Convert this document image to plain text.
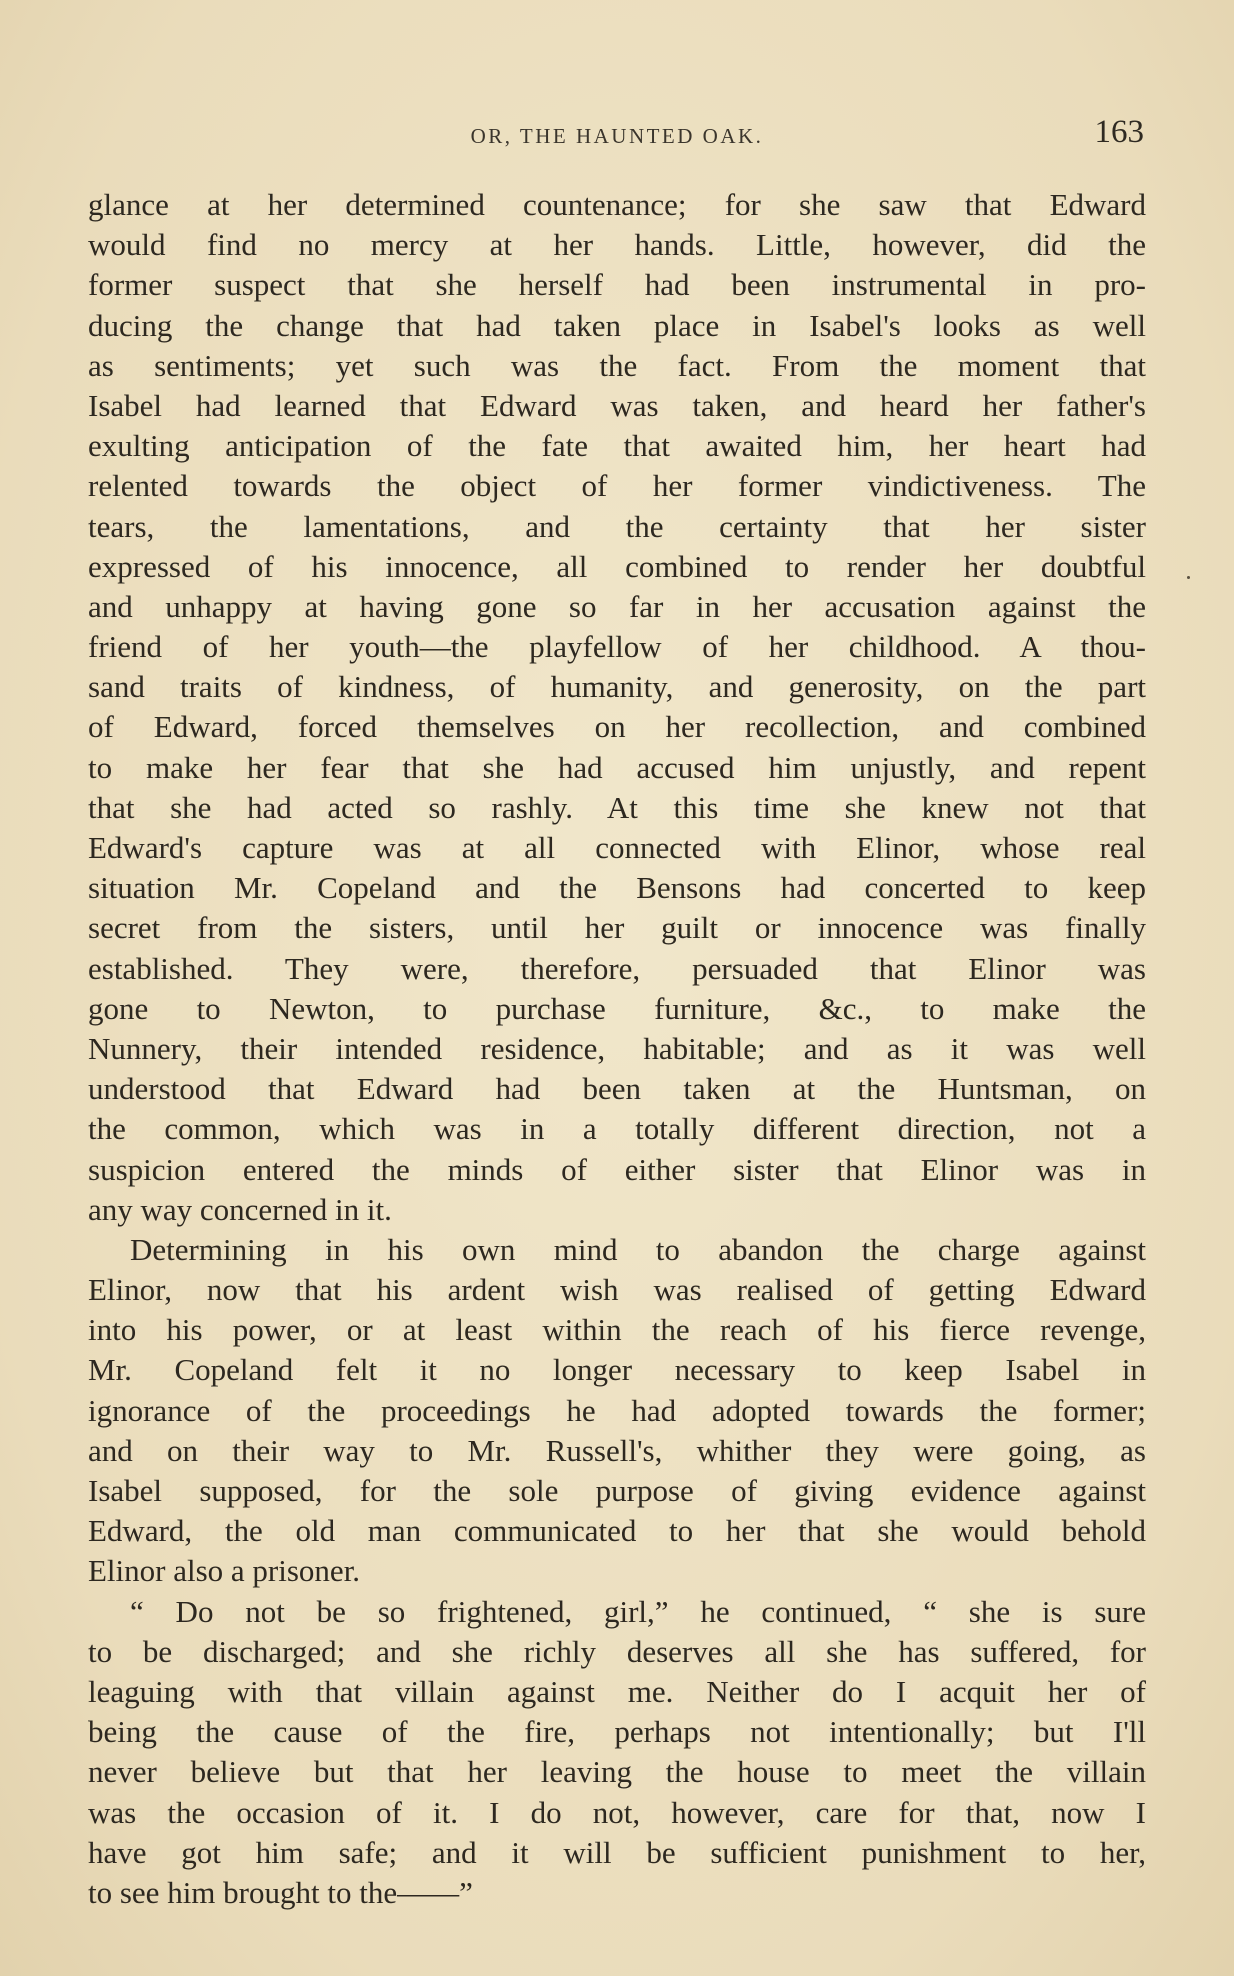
OR, THE HAUNTED OAK.	163
glance at her determined countenance; for she saw that Edward
would find no mercy at her hands. Little, however, did the
former suspect that she herself had been instrumental in pro-
ducing the change that had taken place in Isabel's looks as well
as sentiments; yet such was the fact. From the moment that
Isabel had learned that Edward was taken, and heard her father's
exulting anticipation of the fate that awaited him, her heart had
relented towards the object of her former vindictiveness. The
tears, the lamentations, and the certainty that her sister
expressed of his innocence, all combined to render her doubtful
and unhappy at having gone so far in her accusation against the
friend of her youth—the playfellow of her childhood. A thou-
sand traits of kindness, of humanity, and generosity, on the part
of Edward, forced themselves on her recollection, and combined
to make her fear that she had accused him unjustly, and repent
that she had acted so rashly. At this time she knew not that
Edward's capture was at all connected with Elinor, whose real
situation Mr. Copeland and the Bensons had concerted to keep
secret from the sisters, until her guilt or innocence was finally
established. They were, therefore, persuaded that Elinor was
gone to Newton, to purchase furniture, &c., to make the
Nunnery, their intended residence, habitable; and as it was well
understood that Edward had been taken at the Huntsman, on
the common, which was in a totally different direction, not a
suspicion entered the minds of either sister that Elinor was in
any way concerned in it.
Determining in his own mind to abandon the charge against
Elinor, now that his ardent wish was realised of getting Edward
into his power, or at least within the reach of his fierce revenge,
Mr. Copeland felt it no longer necessary to keep Isabel in
ignorance of the proceedings he had adopted towards the former;
and on their way to Mr. Russell's, whither they were going, as
Isabel supposed, for the sole purpose of giving evidence against
Edward, the old man communicated to her that she would behold
Elinor also a prisoner.
“ Do not be so frightened, girl,” he continued, “ she is sure
to be discharged; and she richly deserves all she has suffered, for
leaguing with that villain against me. Neither do I acquit her of
being the cause of the fire, perhaps not intentionally; but I'll
never believe but that her leaving the house to meet the villain
was the occasion of it. I do not, however, care for that, now I
have got him safe; and it will be sufficient punishment to her,
to see him brought to the——”
